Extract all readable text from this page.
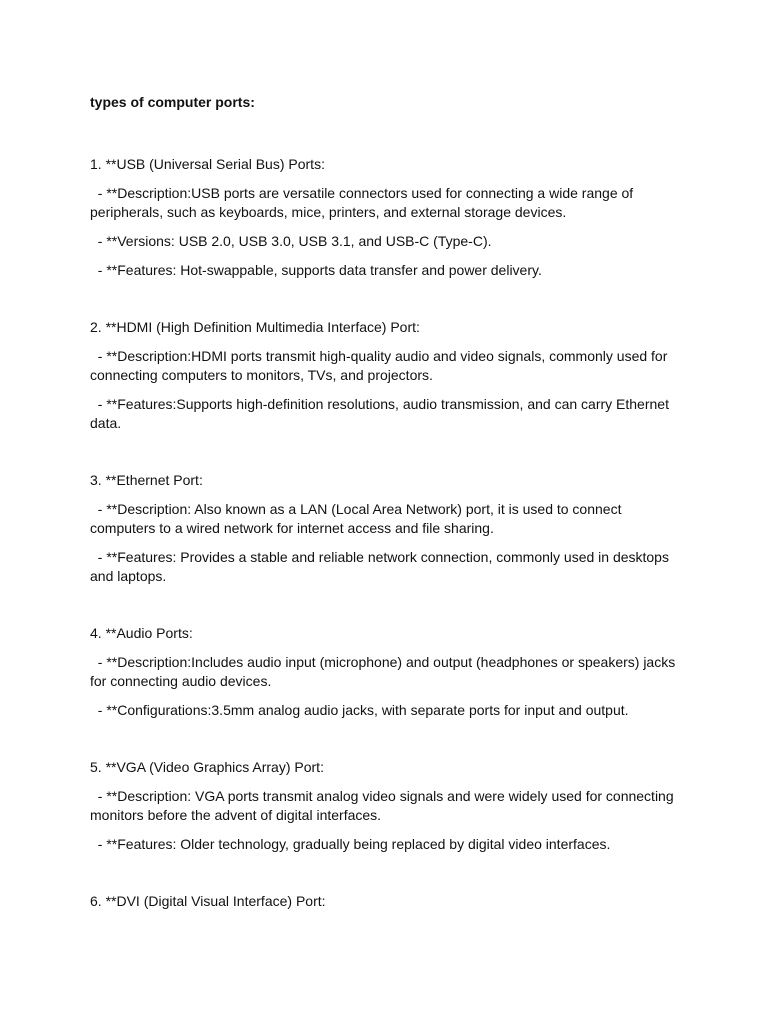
types of computer ports:

1. **USB (Universal Serial Bus) Ports:

- **Description:USB ports are versatile connectors used for connecting a wide range of peripherals, such as keyboards, mice, printers, and external storage devices.

- **Versions: USB 2.0, USB 3.0, USB 3.1, and USB-C (Type-C).

- **Features: Hot-swappable, supports data transfer and power delivery.

2. **HDMI (High Definition Multimedia Interface) Port:

- **Description:HDMI ports transmit high-quality audio and video signals, commonly used for connecting computers to monitors, TVs, and projectors.

- **Features:Supports high-definition resolutions, audio transmission, and can carry Ethernet data.

3. **Ethernet Port:

- **Description: Also known as a LAN (Local Area Network) port, it is used to connect computers to a wired network for internet access and file sharing.

- **Features: Provides a stable and reliable network connection, commonly used in desktops and laptops.

4. **Audio Ports:

- **Description:Includes audio input (microphone) and output (headphones or speakers) jacks for connecting audio devices.

- **Configurations:3.5mm analog audio jacks, with separate ports for input and output.

5. **VGA (Video Graphics Array) Port:

- **Description: VGA ports transmit analog video signals and were widely used for connecting monitors before the advent of digital interfaces.

- **Features: Older technology, gradually being replaced by digital video interfaces.

6. **DVI (Digital Visual Interface) Port:
